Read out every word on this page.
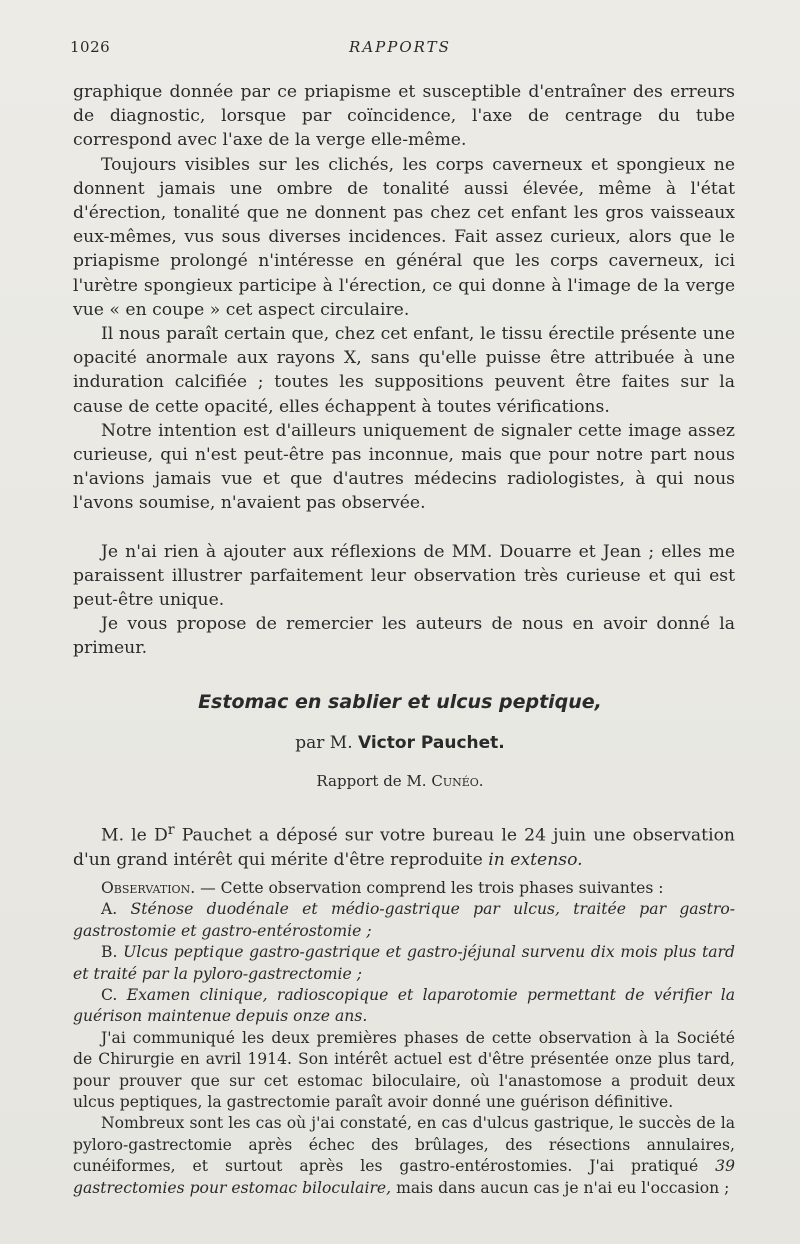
1026	RAPPORTS

graphique donnée par ce priapisme et susceptible d'entraîner des erreurs de diagnostic, lorsque par coïncidence, l'axe de centrage du tube correspond avec l'axe de la verge elle-même.

Toujours visibles sur les clichés, les corps caverneux et spongieux ne donnent jamais une ombre de tonalité aussi élevée, même à l'état d'érection, tonalité que ne donnent pas chez cet enfant les gros vaisseaux eux-mêmes, vus sous diverses incidences. Fait assez curieux, alors que le priapisme prolongé n'intéresse en général que les corps caverneux, ici l'urètre spongieux participe à l'érection, ce qui donne à l'image de la verge vue « en coupe » cet aspect circulaire.

Il nous paraît certain que, chez cet enfant, le tissu érectile présente une opacité anormale aux rayons X, sans qu'elle puisse être attribuée à une induration calcifiée ; toutes les suppositions peuvent être faites sur la cause de cette opacité, elles échappent à toutes vérifications.

Notre intention est d'ailleurs uniquement de signaler cette image assez curieuse, qui n'est peut-être pas inconnue, mais que pour notre part nous n'avions jamais vue et que d'autres médecins radiologistes, à qui nous l'avons soumise, n'avaient pas observée.

Je n'ai rien à ajouter aux réflexions de MM. Douarre et Jean ; elles me paraissent illustrer parfaitement leur observation très curieuse et qui est peut-être unique.

Je vous propose de remercier les auteurs de nous en avoir donné la primeur.

Estomac en sablier et ulcus peptique,
par M. Victor Pauchet.
Rapport de M. Cunéo.

M. le $D^r$ Pauchet a déposé sur votre bureau le 24 juin une observation d'un grand intérêt qui mérite d'être reproduite in extenso.

Observation. — Cette observation comprend les trois phases suivantes :

A. Sténose duodénale et médio-gastrique par ulcus, traitée par gastro-gastrostomie et gastro-entérostomie ;

B. Ulcus peptique gastro-gastrique et gastro-jéjunal survenu dix mois plus tard et traité par la pyloro-gastrectomie ;

C. Examen clinique, radioscopique et laparotomie permettant de vérifier la guérison maintenue depuis onze ans.

J'ai communiqué les deux premières phases de cette observation à la Société de Chirurgie en avril 1914. Son intérêt actuel est d'être présentée onze plus tard, pour prouver que sur cet estomac biloculaire, où l'anastomose a produit deux ulcus peptiques, la gastrectomie paraît avoir donné une guérison définitive.

Nombreux sont les cas où j'ai constaté, en cas d'ulcus gastrique, le succès de la pyloro-gastrectomie après échec des brûlages, des résections annulaires, cunéiformes, et surtout après les gastro-entérostomies. J'ai pratiqué 39 gastrectomies pour estomac biloculaire, mais dans aucun cas je n'ai eu l'occasion ;
